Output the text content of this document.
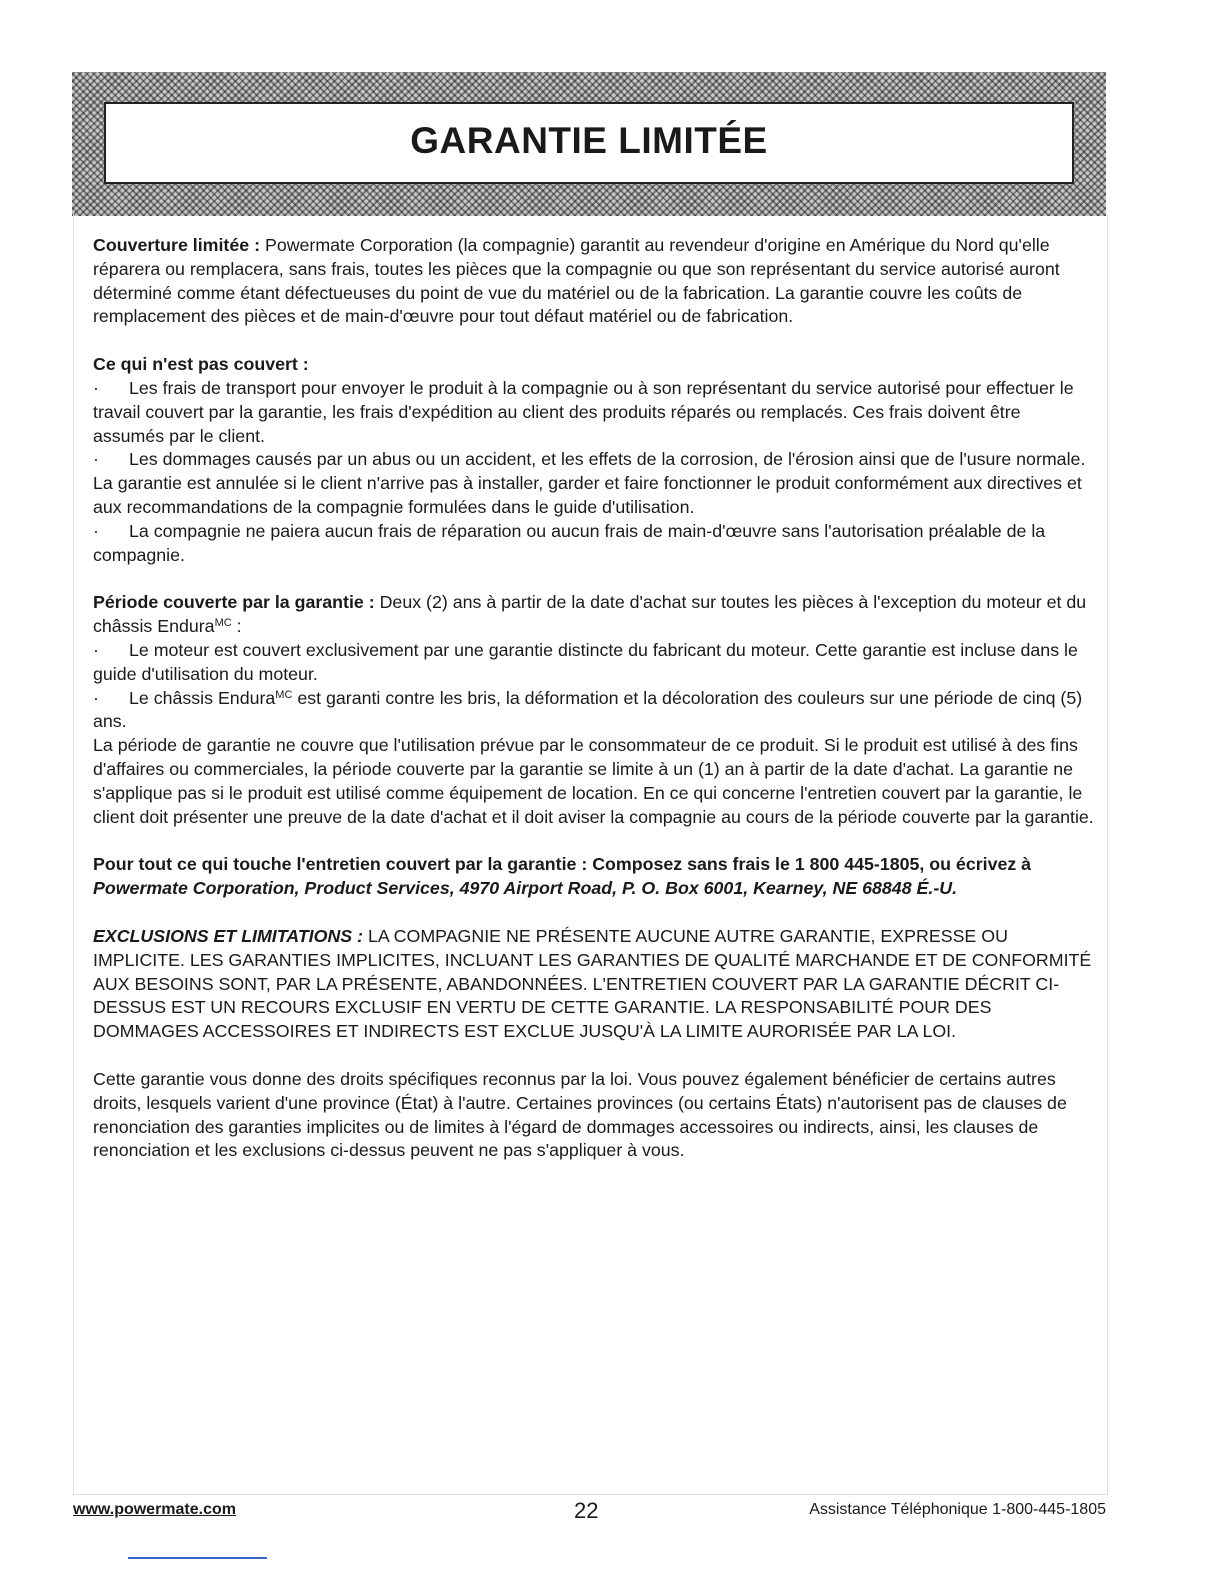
GARANTIE LIMITÉE

Couverture limitée : Powermate Corporation (la compagnie) garantit au revendeur d'origine en Amérique du Nord qu'elle réparera ou remplacera, sans frais, toutes les pièces que la compagnie ou que son représentant du service autorisé auront déterminé comme étant défectueuses du point de vue du matériel ou de la fabrication. La garantie couvre les coûts de remplacement des pièces et de main-d'œuvre pour tout défaut matériel ou de fabrication.

Ce qui n'est pas couvert :

· Les frais de transport pour envoyer le produit à la compagnie ou à son représentant du service autorisé pour effectuer le travail couvert par la garantie, les frais d'expédition au client des produits réparés ou remplacés. Ces frais doivent être assumés par le client.

· Les dommages causés par un abus ou un accident, et les effets de la corrosion, de l'érosion ainsi que de l'usure normale. La garantie est annulée si le client n'arrive pas à installer, garder et faire fonctionner le produit conformément aux directives et aux recommandations de la compagnie formulées dans le guide d'utilisation.

· La compagnie ne paiera aucun frais de réparation ou aucun frais de main-d'œuvre sans l'autorisation préalable de la compagnie.

Période couverte par la garantie : Deux (2) ans à partir de la date d'achat sur toutes les pièces à l'exception du moteur et du châssis Endura$^{MC}$ :

· Le moteur est couvert exclusivement par une garantie distincte du fabricant du moteur. Cette garantie est incluse dans le guide d'utilisation du moteur.

· Le châssis Endura$^{MC}$ est garanti contre les bris, la déformation et la décoloration des couleurs sur une période de cinq (5) ans.

La période de garantie ne couvre que l'utilisation prévue par le consommateur de ce produit. Si le produit est utilisé à des fins d'affaires ou commerciales, la période couverte par la garantie se limite à un (1) an à partir de la date d'achat. La garantie ne s'applique pas si le produit est utilisé comme équipement de location. En ce qui concerne l'entretien couvert par la garantie, le client doit présenter une preuve de la date d'achat et il doit aviser la compagnie au cours de la période couverte par la garantie.

Pour tout ce qui touche l'entretien couvert par la garantie : Composez sans frais le 1 800 445-1805, ou écrivez à Powermate Corporation, Product Services, 4970 Airport Road, P. O. Box 6001, Kearney, NE 68848 É.-U.

EXCLUSIONS ET LIMITATIONS : LA COMPAGNIE NE PRÉSENTE AUCUNE AUTRE GARANTIE, EXPRESSE OU IMPLICITE. LES GARANTIES IMPLICITES, INCLUANT LES GARANTIES DE QUALITÉ MARCHANDE ET DE CONFORMITÉ AUX BESOINS SONT, PAR LA PRÉSENTE, ABANDONNÉES. L'ENTRETIEN COUVERT PAR LA GARANTIE DÉCRIT CI-DESSUS EST UN RECOURS EXCLUSIF EN VERTU DE CETTE GARANTIE. LA RESPONSABILITÉ POUR DES DOMMAGES ACCESSOIRES ET INDIRECTS EST EXCLUE JUSQU'À LA LIMITE AURORISÉE PAR LA LOI.

Cette garantie vous donne des droits spécifiques reconnus par la loi. Vous pouvez également bénéficier de certains autres droits, lesquels varient d'une province (État) à l'autre. Certaines provinces (ou certains États) n'autorisent pas de clauses de renonciation des garanties implicites ou de limites à l'égard de dommages accessoires ou indirects, ainsi, les clauses de renonciation et les exclusions ci-dessus peuvent ne pas s'appliquer à vous.

www.powermate.com	22	Assistance Téléphonique 1-800-445-1805
